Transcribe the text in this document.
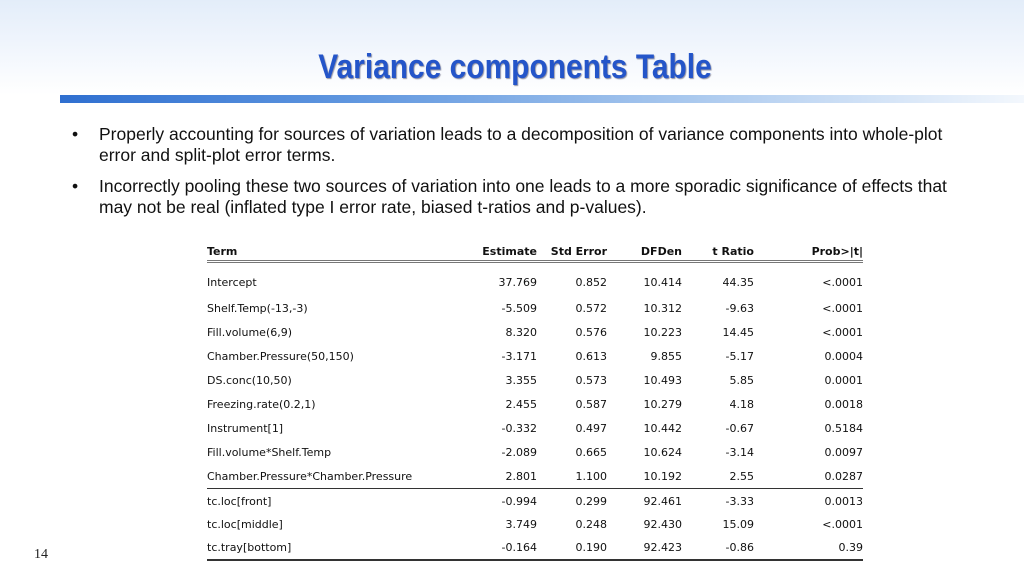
Variance components Table
• Properly accounting for sources of variation leads to a decomposition of variance components into whole-plot error and split-plot error terms.
• Incorrectly pooling these two sources of variation into one leads to a more sporadic significance of effects that may not be real (inflated type I error rate, biased t-ratios and p-values).
Term	Estimate	Std Error	DFDen	t Ratio	Prob>|t|
Intercept	37.769	0.852	10.414	44.35	<.0001
Shelf.Temp(-13,-3)	-5.509	0.572	10.312	-9.63	<.0001
Fill.volume(6,9)	8.320	0.576	10.223	14.45	<.0001
Chamber.Pressure(50,150)	-3.171	0.613	9.855	-5.17	0.0004
DS.conc(10,50)	3.355	0.573	10.493	5.85	0.0001
Freezing.rate(0.2,1)	2.455	0.587	10.279	4.18	0.0018
Instrument[1]	-0.332	0.497	10.442	-0.67	0.5184
Fill.volume*Shelf.Temp	-2.089	0.665	10.624	-3.14	0.0097
Chamber.Pressure*Chamber.Pressure	2.801	1.100	10.192	2.55	0.0287
tc.loc[front]	-0.994	0.299	92.461	-3.33	0.0013
tc.loc[middle]	3.749	0.248	92.430	15.09	<.0001
tc.tray[bottom]	-0.164	0.190	92.423	-0.86	0.39
14
